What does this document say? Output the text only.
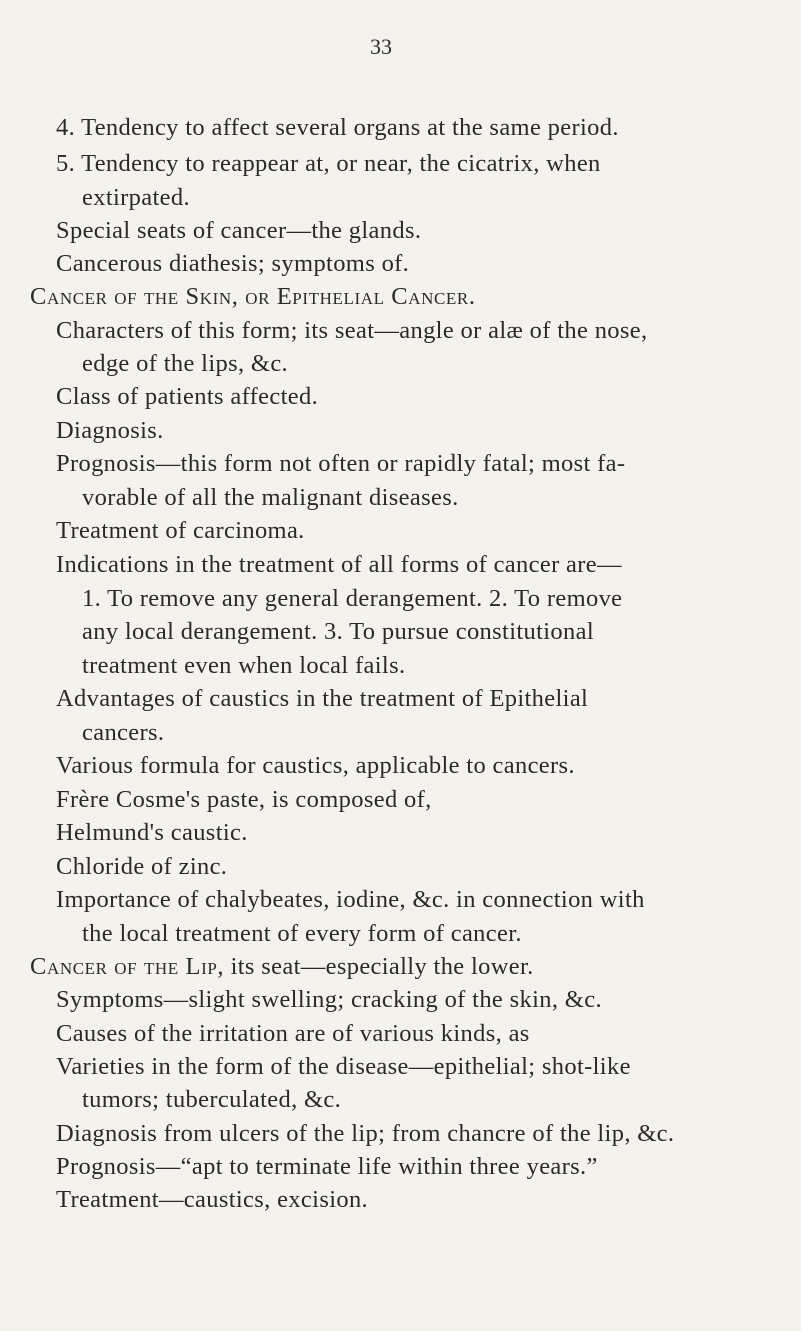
33
4. Tendency to affect several organs at the same period.
5. Tendency to reappear at, or near, the cicatrix, when
extirpated.
Special seats of cancer—the glands.
Cancerous diathesis; symptoms of.
Cancer of the Skin, or Epithelial Cancer.
Characters of this form; its seat—angle or alæ of the nose,
edge of the lips, &c.
Class of patients affected.
Diagnosis.
Prognosis—this form not often or rapidly fatal; most fa-
vorable of all the malignant diseases.
Treatment of carcinoma.
Indications in the treatment of all forms of cancer are—
1. To remove any general derangement. 2. To remove
any local derangement. 3. To pursue constitutional
treatment even when local fails.
Advantages of caustics in the treatment of Epithelial
cancers.
Various formula for caustics, applicable to cancers.
Frère Cosme's paste, is composed of,
Helmund's caustic.
Chloride of zinc.
Importance of chalybeates, iodine, &c. in connection with
the local treatment of every form of cancer.
Cancer of the Lip, its seat—especially the lower.
Symptoms—slight swelling; cracking of the skin, &c.
Causes of the irritation are of various kinds, as
Varieties in the form of the disease—epithelial; shot-like
tumors; tuberculated, &c.
Diagnosis from ulcers of the lip; from chancre of the lip, &c.
Prognosis—“apt to terminate life within three years.”
Treatment—caustics, excision.
